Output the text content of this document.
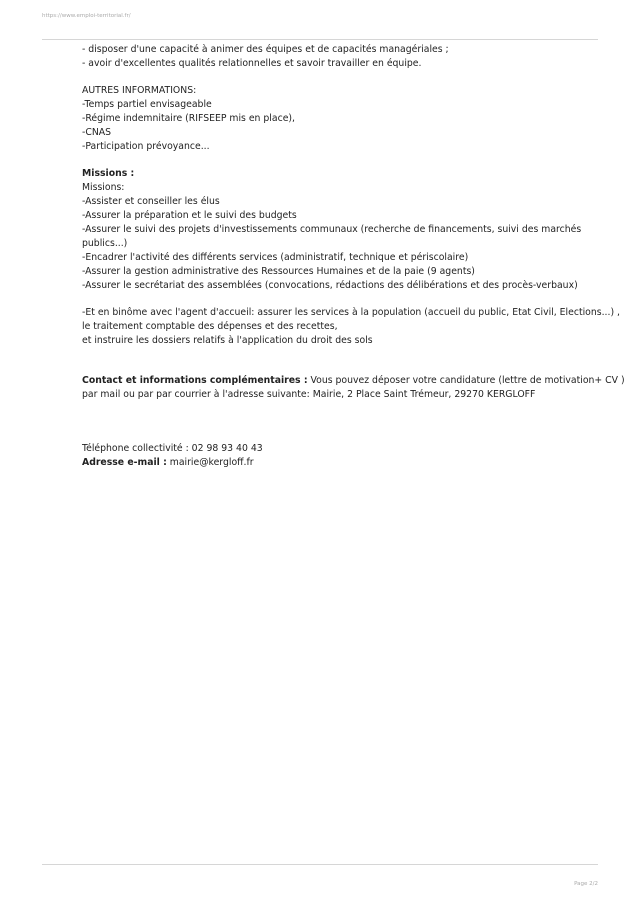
https://www.emploi-territorial.fr/

- disposer d'une capacité à animer des équipes et de capacités managériales ;

- avoir d'excellentes qualités relationnelles et savoir travailler en équipe.

AUTRES INFORMATIONS:

-Temps partiel envisageable

-Régime indemnitaire (RIFSEEP mis en place),

-CNAS

-Participation prévoyance...

Missions :

Missions:

-Assister et conseiller les élus

-Assurer la préparation et le suivi des budgets

-Assurer le suivi des projets d'investissements communaux (recherche de financements, suivi des marchés

publics...)

-Encadrer l'activité des différents services (administratif, technique et périscolaire)

-Assurer la gestion administrative des Ressources Humaines et de la paie (9 agents)

-Assurer le secrétariat des assemblées (convocations, rédactions des délibérations et des procès-verbaux)

-Et en binôme avec l'agent d'accueil: assurer les services à la population (accueil du public, Etat Civil, Elections...) ,

le traitement comptable des dépenses et des recettes,

et instruire les dossiers relatifs à l'application du droit des sols

Contact et informations complémentaires : Vous pouvez déposer votre candidature (lettre de motivation+ CV )

par mail ou par par courrier à l'adresse suivante: Mairie, 2 Place Saint Trémeur, 29270 KERGLOFF

Téléphone collectivité : 02 98 93 40 43

Adresse e-mail : mairie@kergloff.fr

Page 2/2
